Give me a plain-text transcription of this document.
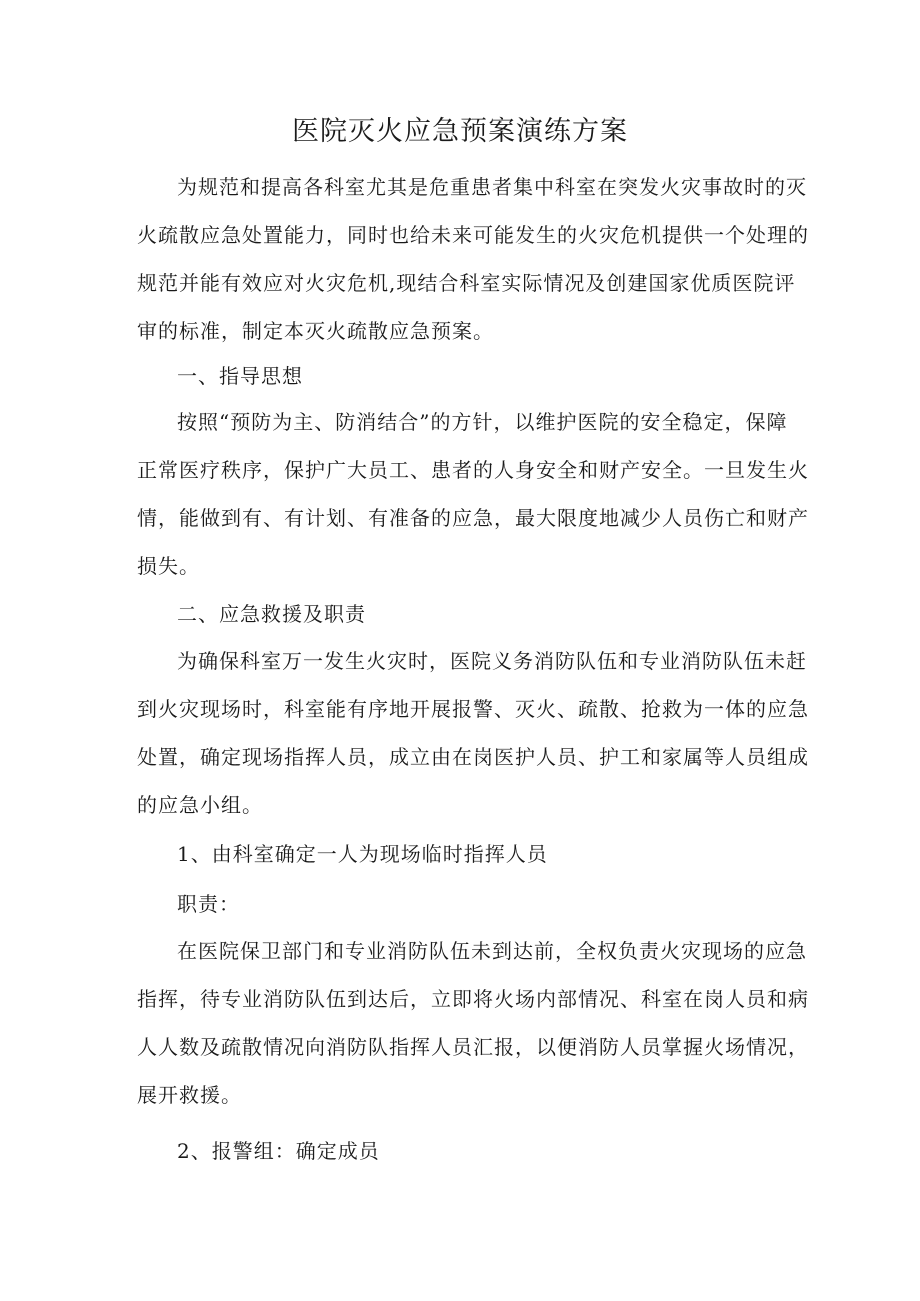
医院灭火应急预案演练方案
为规范和提高各科室尤其是危重患者集中科室在突发火灾事故时的灭
火疏散应急处置能力，同时也给未来可能发生的火灾危机提供一个处理的
规范并能有效应对火灾危机,现结合科室实际情况及创建国家优质医院评
审的标准，制定本灭火疏散应急预案。
一、指导思想
按照“预防为主、防消结合”的方针，以维护医院的安全稳定，保障
正常医疗秩序，保护广大员工、患者的人身安全和财产安全。一旦发生火
情，能做到有、有计划、有准备的应急，最大限度地减少人员伤亡和财产
损失。
二、应急救援及职责
为确保科室万一发生火灾时，医院义务消防队伍和专业消防队伍未赶
到火灾现场时，科室能有序地开展报警、灭火、疏散、抢救为一体的应急
处置，确定现场指挥人员，成立由在岗医护人员、护工和家属等人员组成
的应急小组。
1、由科室确定一人为现场临时指挥人员
职责：
在医院保卫部门和专业消防队伍未到达前，全权负责火灾现场的应急
指挥，待专业消防队伍到达后，立即将火场内部情况、科室在岗人员和病
人人数及疏散情况向消防队指挥人员汇报，以便消防人员掌握火场情况，
展开救援。
2、报警组：确定成员
